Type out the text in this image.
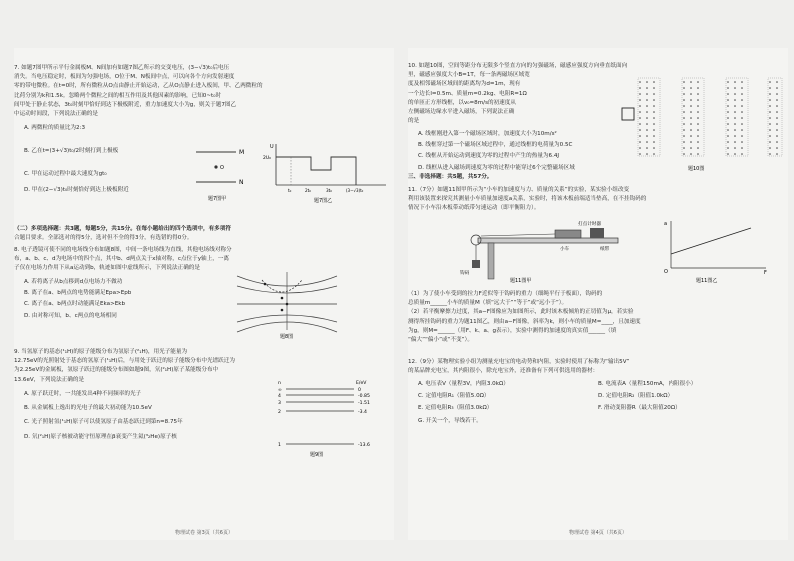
7. 如题7图甲所示平行金属板M、N间加有如题7图乙所示的交变电压，(3−√3)t₀后电压

消失。当电压稳定时，板间为匀强电场，O位于M、N板间中点，可以向各个方向发射速度

零的带电微粒。在t=0时，所有微粒从O点由静止开始运动，乙从O点静止进入板间，甲、乙两微粒的

比荷分别为k和1.5k。忽略两个微粒之间的相互作用及其他因素的影响，已知0~t₀时

间甲处于静止状态，3t₀时刻甲恰好到达下极板附近，重力加速度大小为g，则关于题7图乙

中运动时间段，下列说法正确的是

A. 两微粒的质量比为2:3

B. 乙在t=(3+√3)t₀/2时刻打到上极板

C. 甲在运动过程中最大速度为gt₀

D. 甲在(2−√3)t₀时刻恰好到达上极板附近

M
N
O
题7图甲
U
2U₀
t₀	2t₀	3t₀	(3−√3)t₀
题7图乙

（二）多项选择题：共3题，每题5分，共15分。在每小题给出的四个选项中，有多项符

合题目要求。全部选对的得5分，选对但不全的得3分，有选错的得0分。

8. 电子透镜可使不同的电场线分布如题8图，中间一条电场线为直线，其他电场线对称分

布，a、b、c、d为电场中的四个点，其中b、d两点关于x轴对称，c点位于y轴上，一离

子仅在电场力作用下从a运动到b，轨迹如图中虚线所示，下列说法正确的是

A. 若将离子从b点移到d点电场力不做功

B. 离子在a、b两点的电势能满足Epa>Epb

C. 离子在a、b两点时动能满足Eka>Ekb

D. 由对称可知，b、c两点的电场相同

题8图

9. 当氢原子的基态(¹₁H)的原子能级分布为氢原子(²₁H)，用光子能量为

12.75eV的光照射处于基态的氢原子(¹₁H)后，与用处于跃迁的原子能级分布中光谱跃迁为

为2.25eV的金属板，氢原子跃迁的能级分布图如题9图，氘(²₁H)原子某能级分布中

13.6eV，下列说法正确的是

A. 原子跃迁时，一共能发出4种不同频率的光子

B. 从金属板上逸出的光电子的最大初动能为10.5eV

C. 光子照射氢(¹₁H)原子可以使氢原子由基态跃迁到第n=8.75年

D. 氘(²₁H)原子核被动能守恒原理在β衰变产生氦(³₂He)原子核

n	E/eV
∞	0
4	-0.85
3	-1.51
2	-3.4
1	-13.6
题9图
物理试卷 第3页（共6页）

10. 如题10图，空间等距分布无限多个竖直方向的匀强磁场，磁感应强度方向垂直纸面向

里，磁感应强度大小B=1T，每一条两磁场区域宽

度及相邻磁场区域间的距离均为d=1m，现有

一个边长l=0.5m、质量m=0.2kg、电阻R=1Ω

的单匝正方形线框，以v₀=8m/s的初速度从

左侧磁场边缘水平进入磁场，下列说法正确

的是

题10图

A. 线框刚进入第一个磁场区域时，加速度大小为10m/s²

B. 线框穿过第一个磁场区域过程中，通过线框的电荷量为0.5C

C. 线框从开始运动到速度为零的过程中产生的热量为6.4J

D. 线框从进入磁场到速度为零的过程中能穿过6个完整磁场区域

三、非选择题：共5题，共57分。

11.（7分）如题11图甲所示为“小车的加速度与力、质量的关系”的实验，某实验小组改变

利用该装置来探究其测量小车质量加速度a关系，实验时，将该木板前端适当垫高，在不挂钩码的

情况下小车沿木板带动纸带匀速运动（即平衡阻力）。

打点计时器
小车	纸带
钩码
题11图甲
a
F
O
题11图乙

（1）为了使小车受到的拉力F近似等于钩码的重力（细绳平行于板面），钩码的

总质量m______小车的质量M（填“远大于”“等于”或“远小于”）。

（2）若平衡摩擦力过度，其a−F图像应为如图所示，此时该木板倾角的正切值为μ，若实验

测得所挂钩码的重力为题11图乙，则由a−F图像，斜率为k，则小车的质量M=____，且加速度

为g，则M=______（用F、k、a、g表示），实验中测得的加速度的真实值______（填

“偏大”“偏小”或“不变”）。

12.（9分）某物理实验小组为测量充电宝的电动势和内阻，实验时使用了标称为“输出5V”

的某品牌充电宝，其内阻很小，除充电宝外，还准备有下列可供选用的器材：

A. 电压表V（量程3V，内阻3.0kΩ）	B. 电流表A（量程150mA，内阻很小）

C. 定值电阻R₁（阻值5.0Ω）	D. 定值电阻R₂（阻值1.0kΩ）

E. 定值电阻R₃（阻值3.0kΩ）	F. 滑动变阻器R（最大阻值20Ω）

G. 开关一个，导线若干。

物理试卷 第4页（共6页）
